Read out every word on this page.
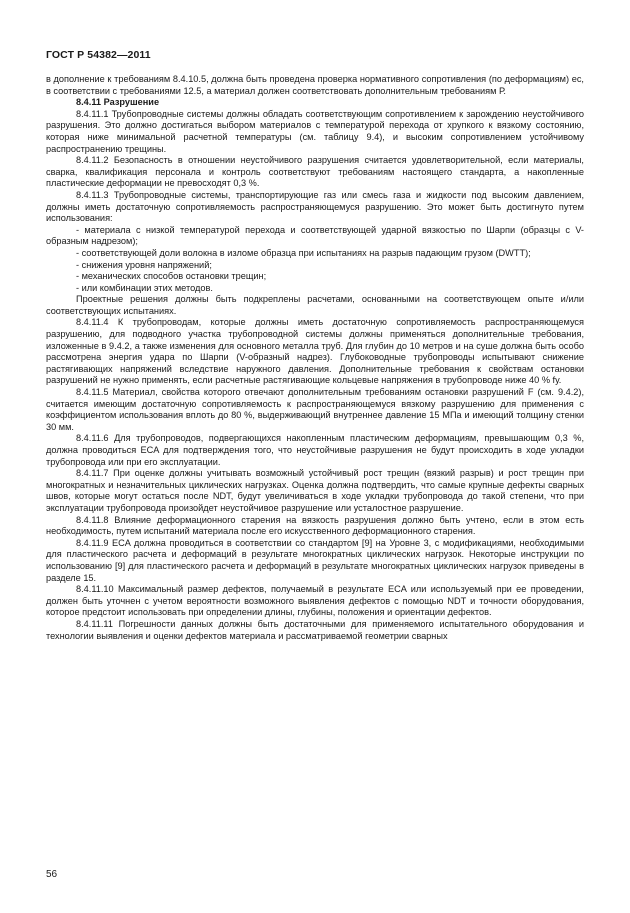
ГОСТ Р 54382—2011

в дополнение к требованиям 8.4.10.5, должна быть проведена проверка нормативного сопротивления (по деформациям) eс, в соответствии с требованиями 12.5, а материал должен соответствовать дополнительным требованиям Р.

8.4.11 Разрушение

8.4.11.1 Трубопроводные системы должны обладать соответствующим сопротивлением к зарождению неустойчивого разрушения. Это должно достигаться выбором материалов с температурой перехода от хрупкого к вязкому состоянию, которая ниже минимальной расчетной температуры (см. таблицу 9.4), и высоким сопротивлением устойчивому распространению трещины.

8.4.11.2 Безопасность в отношении неустойчивого разрушения считается удовлетворительной, если материалы, сварка, квалификация персонала и контроль соответствуют требованиям настоящего стандарта, а накопленные пластические деформации не превосходят 0,3 %.

8.4.11.3 Трубопроводные системы, транспортирующие газ или смесь газа и жидкости под высоким давлением, должны иметь достаточную сопротивляемость распространяющемуся разрушению. Это может быть достигнуто путем использования:

- материала с низкой температурой перехода и соответствующей ударной вязкостью по Шарпи (образцы с V-образным надрезом);

- соответствующей доли волокна в изломе образца при испытаниях на разрыв падающим грузом (DWTT);

- снижения уровня напряжений;

- механических способов остановки трещин;

- или комбинации этих методов.

Проектные решения должны быть подкреплены расчетами, основанными на соответствующем опыте и/или соответствующих испытаниях.

8.4.11.4 К трубопроводам, которые должны иметь достаточную сопротивляемость распространяющемуся разрушению, для подводного участка трубопроводной системы должны применяться дополнительные требования, изложенные в 9.4.2, а также изменения для основного металла труб. Для глубин до 10 метров и на суше должна быть особо рассмотрена энергия удара по Шарпи (V-образный надрез). Глубоководные трубопроводы испытывают снижение растягивающих напряжений вследствие наружного давления. Дополнительные требования к свойствам остановки разрушений не нужно применять, если расчетные растягивающие кольцевые напряжения в трубопроводе ниже 40 % fу.

8.4.11.5 Материал, свойства которого отвечают дополнительным требованиям остановки разрушений F (см. 9.4.2), считается имеющим достаточную сопротивляемость к распространяющемуся вязкому разрушению для применения с коэффициентом использования вплоть до 80 %, выдерживающий внутреннее давление 15 МПа и имеющий толщину стенки 30 мм.

8.4.11.6 Для трубопроводов, подвергающихся накопленным пластическим деформациям, превышающим 0,3 %, должна проводиться ECA для подтверждения того, что неустойчивые разрушения не будут происходить в ходе укладки трубопровода или при его эксплуатации.

8.4.11.7 При оценке должны учитывать возможный устойчивый рост трещин (вязкий разрыв) и рост трещин при многократных и незначительных циклических нагрузках. Оценка должна подтвердить, что самые крупные дефекты сварных швов, которые могут остаться после NDT, будут увеличиваться в ходе укладки трубопровода до такой степени, что при эксплуатации трубопровода произойдет неустойчивое разрушение или усталостное разрушение.

8.4.11.8 Влияние деформационного старения на вязкость разрушения должно быть учтено, если в этом есть необходимость, путем испытаний материала после его искусственного деформационного старения.

8.4.11.9 ECA должна проводиться в соответствии со стандартом [9] на Уровне 3, с модификациями, необходимыми для пластического расчета и деформаций в результате многократных циклических нагрузок. Некоторые инструкции по использованию [9] для пластического расчета и деформаций в результате многократных циклических нагрузок приведены в разделе 15.

8.4.11.10 Максимальный размер дефектов, получаемый в результате ECA или используемый при ее проведении, должен быть уточнен с учетом вероятности возможного выявления дефектов с помощью NDT и точности оборудования, которое предстоит использовать при определении длины, глубины, положения и ориентации дефектов.

8.4.11.11 Погрешности данных должны быть достаточными для применяемого испытательного оборудования и технологии выявления и оценки дефектов материала и рассматриваемой геометрии сварных

56
